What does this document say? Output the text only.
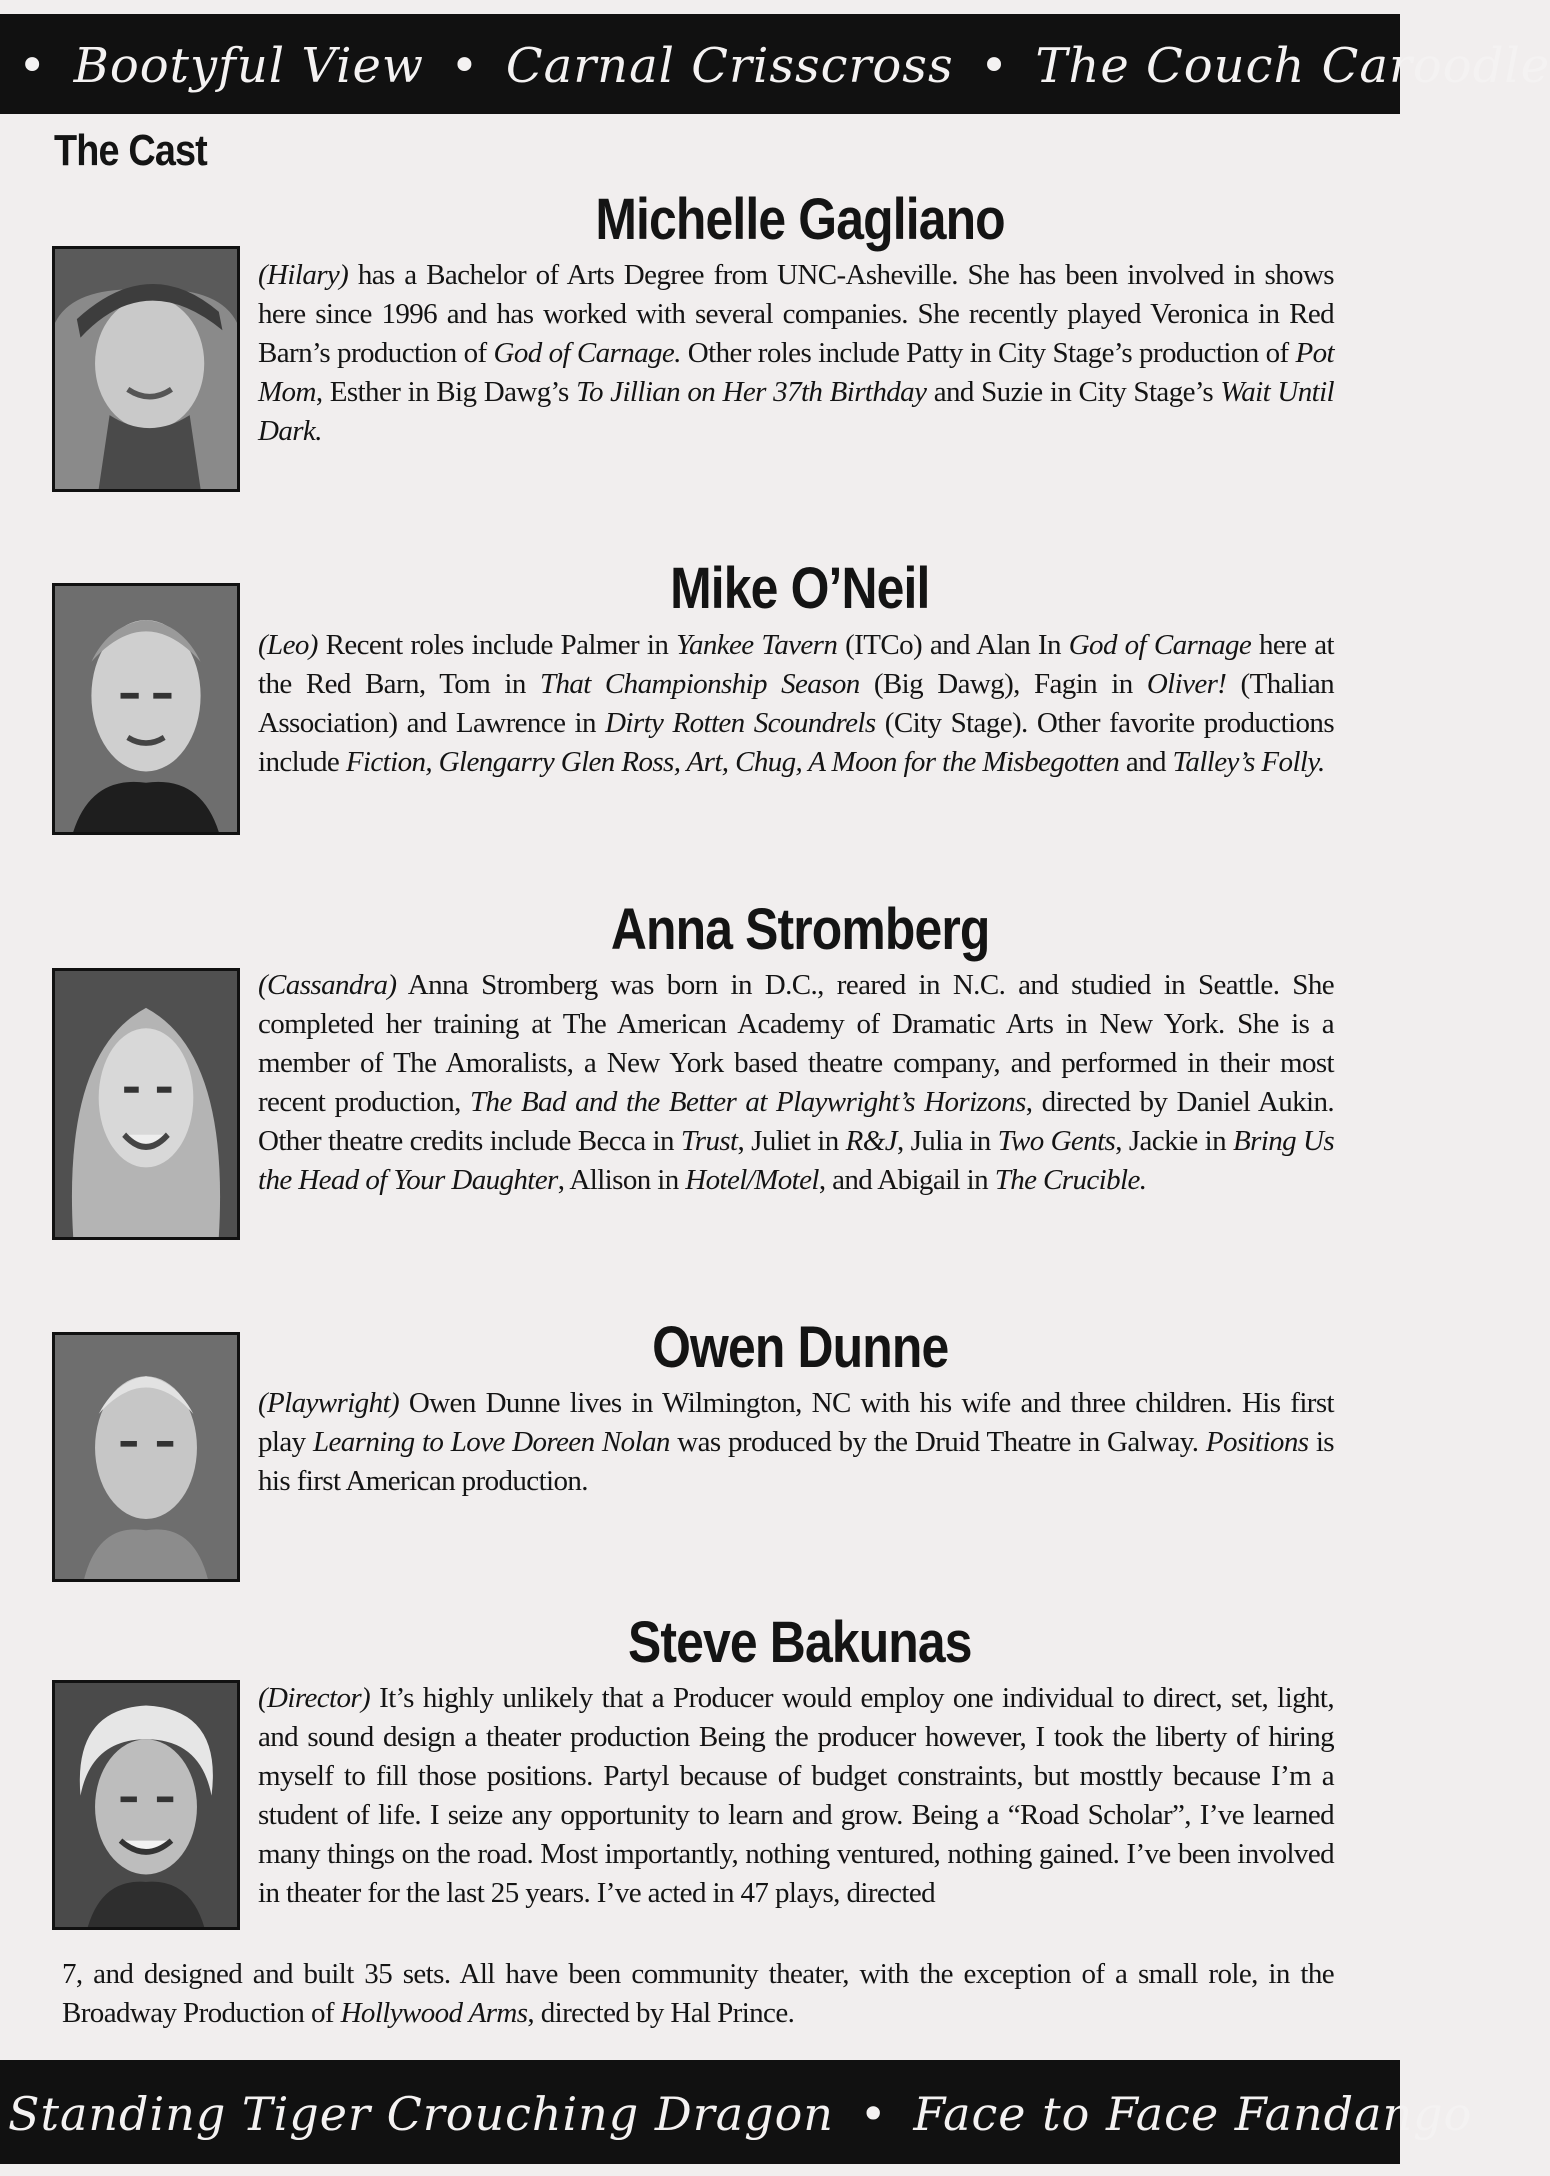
• Bootyful View • Carnal Crisscross • The Couch Caroodle
The Cast
Michelle Gagliano
(Hilary) has a Bachelor of Arts Degree from UNC-Asheville. She has been involved in shows here since 1996 and has worked with several companies. She recently played Veronica in Red Barn’s production of God of Carnage. Other roles include Patty in City Stage’s production of Pot Mom, Esther in Big Dawg’s To Jillian on Her 37th Birthday and Suzie in City Stage’s Wait Until Dark.
Mike O’Neil
(Leo) Recent roles include Palmer in Yankee Tavern (ITCo) and Alan In God of Carnage here at the Red Barn, Tom in That Championship Season (Big Dawg), Fagin in Oliver! (Thalian Association) and Lawrence in Dirty Rotten Scoundrels (City Stage). Other favorite productions include Fiction, Glengarry Glen Ross, Art, Chug, A Moon for the Misbegotten and Talley’s Folly.
Anna Stromberg
(Cassandra) Anna Stromberg was born in D.C., reared in N.C. and studied in Seattle. She completed her training at The American Academy of Dramatic Arts in New York. She is a member of The Amoralists, a New York based theatre company, and performed in their most recent production, The Bad and the Better at Playwright’s Horizons, directed by Daniel Aukin. Other theatre credits include Becca in Trust, Juliet in R&J, Julia in Two Gents, Jackie in Bring Us the Head of Your Daughter, Allison in Hotel/Motel, and Abigail in The Crucible.
Owen Dunne
(Playwright) Owen Dunne lives in Wilmington, NC with his wife and three children. His first play Learning to Love Doreen Nolan was produced by the Druid Theatre in Galway. Positions is his first American production.
Steve Bakunas
(Director) It’s highly unlikely that a Producer would employ one individual to direct, set, light, and sound design a theater production Being the producer however, I took the liberty of hiring myself to fill those positions. Partyl because of budget constraints, but mosttly because I’m a student of life. I seize any opportunity to learn and grow. Being a “Road Scholar”, I’ve learned many things on the road. Most importantly, nothing ventured, nothing gained. I’ve been involved in theater for the last 25 years. I’ve acted in 47 plays, directed
7, and designed and built 35 sets. All have been community theater, with the exception of a small role, in the Broadway Production of Hollywood Arms, directed by Hal Prince.
Standing Tiger Crouching Dragon • Face to Face Fandango
